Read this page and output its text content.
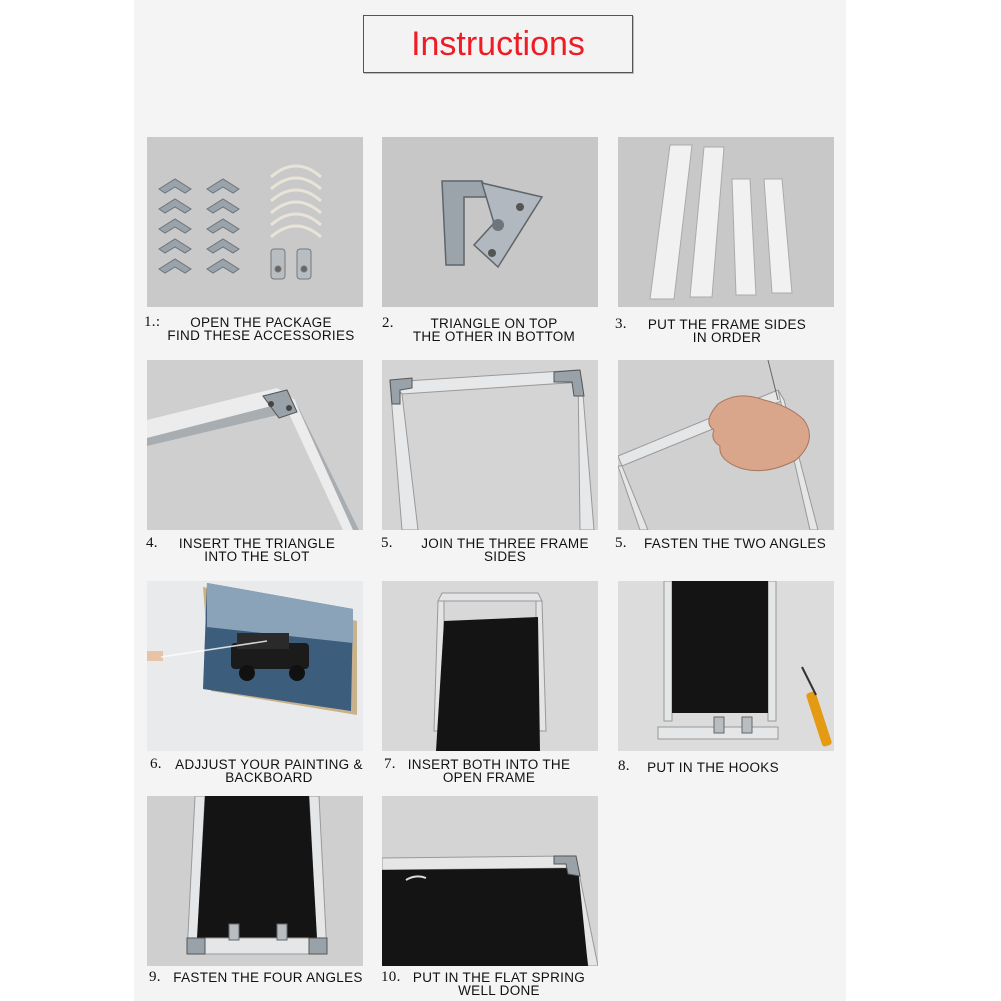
Instructions
1.:	OPEN THE PACKAGE
FIND THESE ACCESSORIES
2.	TRIANGLE ON TOP
THE OTHER IN BOTTOM
3.	PUT THE FRAME SIDES
IN ORDER
4.	INSERT THE TRIANGLE
INTO THE SLOT
5.	JOIN THE THREE FRAME
SIDES
5.	FASTEN THE TWO ANGLES
6. ADJJUST YOUR PAINTING &
BACKBOARD
7. INSERT BOTH INTO THE
OPEN FRAME
8.	PUT IN THE HOOKS
9. FASTEN THE FOUR ANGLES	10. PUT IN THE FLAT SPRING
WELL DONE
